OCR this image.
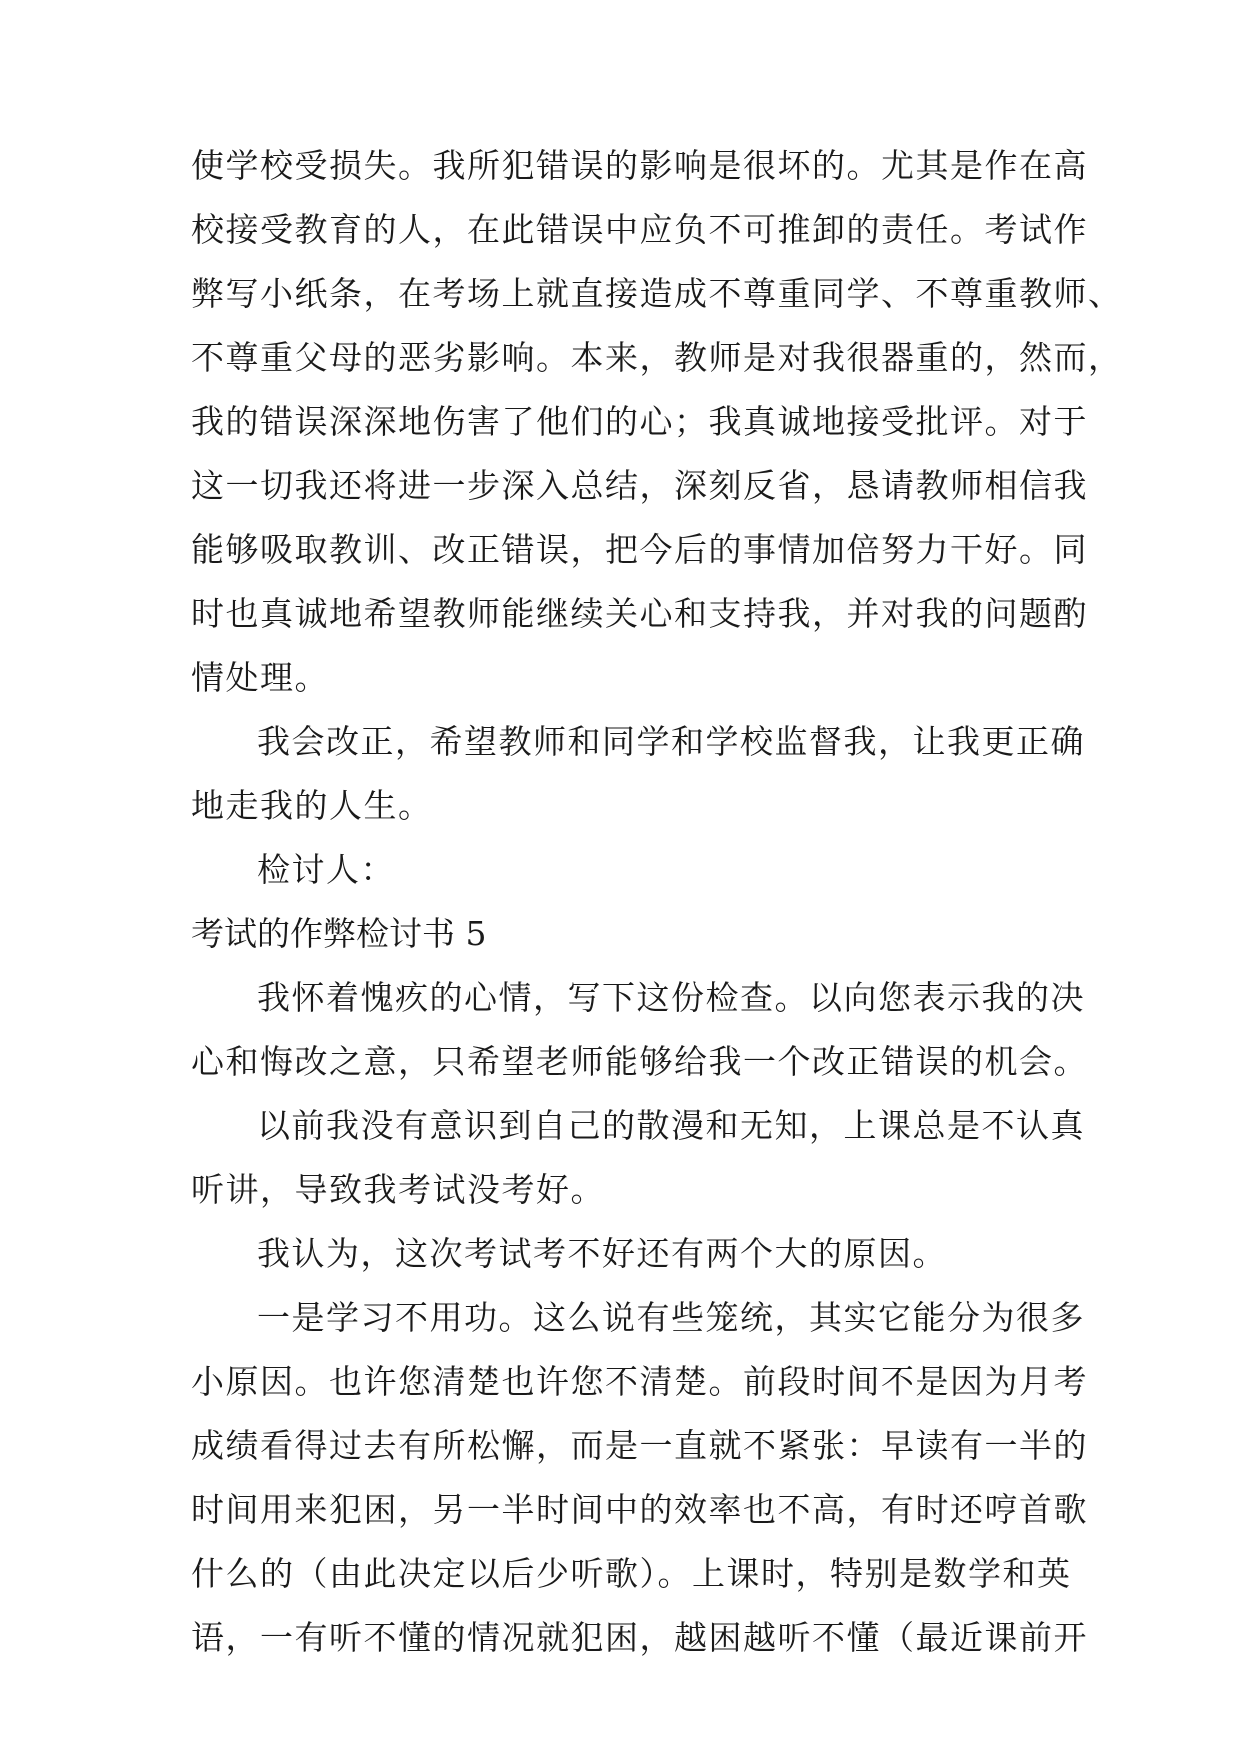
使学校受损失。我所犯错误的影响是很坏的。尤其是作在高
校接受教育的人，在此错误中应负不可推卸的责任。考试作
弊写小纸条，在考场上就直接造成不尊重同学、不尊重教师、
不尊重父母的恶劣影响。本来，教师是对我很器重的，然而，
我的错误深深地伤害了他们的心；我真诚地接受批评。对于
这一切我还将进一步深入总结，深刻反省，恳请教师相信我
能够吸取教训、改正错误，把今后的事情加倍努力干好。同
时也真诚地希望教师能继续关心和支持我，并对我的问题酌
情处理。
我会改正，希望教师和同学和学校监督我，让我更正确
地走我的人生。
检讨人：
考试的作弊检讨书 5
我怀着愧疚的心情，写下这份检查。以向您表示我的决
心和悔改之意，只希望老师能够给我一个改正错误的机会。
以前我没有意识到自己的散漫和无知，上课总是不认真
听讲，导致我考试没考好。
我认为，这次考试考不好还有两个大的原因。
一是学习不用功。这么说有些笼统，其实它能分为很多
小原因。也许您清楚也许您不清楚。前段时间不是因为月考
成绩看得过去有所松懈，而是一直就不紧张：早读有一半的
时间用来犯困，另一半时间中的效率也不高，有时还哼首歌
什么的（由此决定以后少听歌）。上课时，特别是数学和英
语，一有听不懂的情况就犯困，越困越听不懂（最近课前开
